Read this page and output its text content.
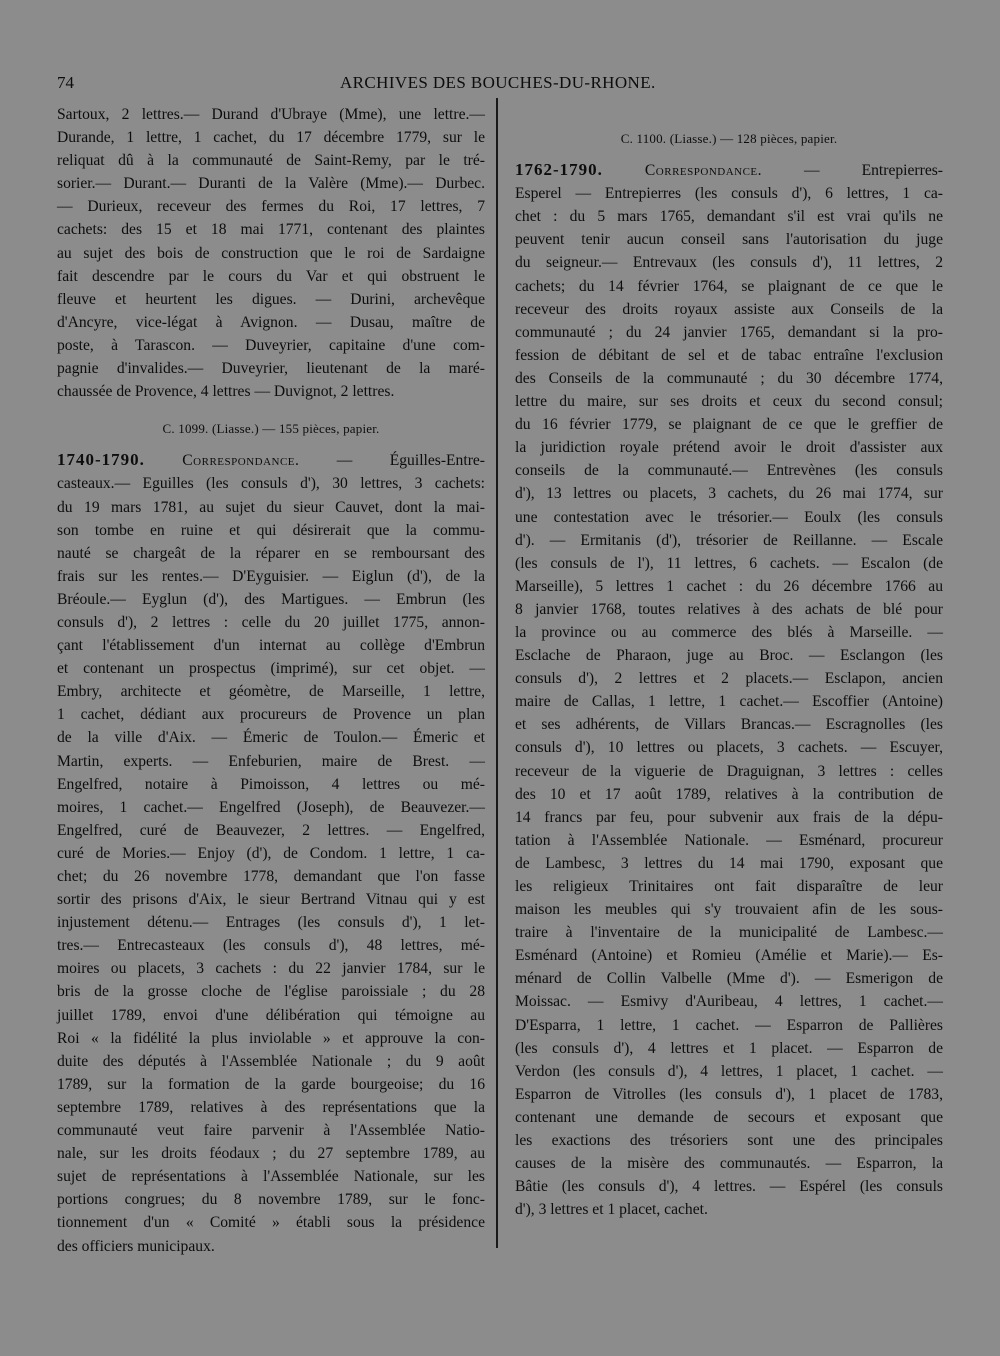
74	ARCHIVES DES BOUCHES-DU-RHONE.
Sartoux, 2 lettres.— Durand d'Ubraye (Mme), une lettre.—
Durande, 1 lettre, 1 cachet, du 17 décembre 1779, sur le
reliquat dû à la communauté de Saint-Remy, par le tré-
sorier.— Durant.— Duranti de la Valère (Mme).— Durbec.
— Durieux, receveur des fermes du Roi, 17 lettres, 7
cachets: des 15 et 18 mai 1771, contenant des plaintes
au sujet des bois de construction que le roi de Sardaigne
fait descendre par le cours du Var et qui obstruent le
fleuve et heurtent les digues. — Durini, archevêque
d'Ancyre, vice-légat à Avignon. — Dusau, maître de
poste, à Tarascon. — Duveyrier, capitaine d'une com-
pagnie d'invalides.— Duveyrier, lieutenant de la maré-
chaussée de Provence, 4 lettres — Duvignot, 2 lettres.
C. 1099. (Liasse.) — 155 pièces, papier.
1740-1790. Correspondance. — Éguilles-Entre-
casteaux.— Eguilles (les consuls d'), 30 lettres, 3 cachets:
du 19 mars 1781, au sujet du sieur Cauvet, dont la mai-
son tombe en ruine et qui désirerait que la commu-
nauté se chargeât de la réparer en se remboursant des
frais sur les rentes.— D'Eyguisier. — Eiglun (d'), de la
Bréoule.— Eyglun (d'), des Martigues. — Embrun (les
consuls d'), 2 lettres : celle du 20 juillet 1775, annon-
çant l'établissement d'un internat au collège d'Embrun
et contenant un prospectus (imprimé), sur cet objet. —
Embry, architecte et géomètre, de Marseille, 1 lettre,
1 cachet, dédiant aux procureurs de Provence un plan
de la ville d'Aix. — Émeric de Toulon.— Émeric et
Martin, experts. — Enfeburien, maire de Brest. —
Engelfred, notaire à Pimoisson, 4 lettres ou mé-
moires, 1 cachet.— Engelfred (Joseph), de Beauvezer.—
Engelfred, curé de Beauvezer, 2 lettres. — Engelfred,
curé de Mories.— Enjoy (d'), de Condom. 1 lettre, 1 ca-
chet; du 26 novembre 1778, demandant que l'on fasse
sortir des prisons d'Aix, le sieur Bertrand Vitnau qui y est
injustement détenu.— Entrages (les consuls d'), 1 let-
tres.— Entrecasteaux (les consuls d'), 48 lettres, mé-
moires ou placets, 3 cachets : du 22 janvier 1784, sur le
bris de la grosse cloche de l'église paroissiale ; du 28
juillet 1789, envoi d'une délibération qui témoigne au
Roi « la fidélité la plus inviolable » et approuve la con-
duite des députés à l'Assemblée Nationale ; du 9 août
1789, sur la formation de la garde bourgeoise; du 16
septembre 1789, relatives à des représentations que la
communauté veut faire parvenir à l'Assemblée Natio-
nale, sur les droits féodaux ; du 27 septembre 1789, au
sujet de représentations à l'Assemblée Nationale, sur les
portions congrues; du 8 novembre 1789, sur le fonc-
tionnement d'un « Comité » établi sous la présidence
des officiers municipaux.
C. 1100. (Liasse.) — 128 pièces, papier.
1762-1790.	Correspondance.	— Entrepierres-
Esperel — Entrepierres (les consuls d'), 6 lettres, 1 ca-
chet : du 5 mars 1765, demandant s'il est vrai qu'ils ne
peuvent tenir aucun conseil sans l'autorisation du juge
du seigneur.— Entrevaux (les consuls d'), 11 lettres, 2
cachets; du 14 février 1764, se plaignant de ce que le
receveur des droits royaux assiste aux Conseils de la
communauté ; du 24 janvier 1765, demandant si la pro-
fession de débitant de sel et de tabac entraîne l'exclusion
des Conseils de la communauté ; du 30 décembre 1774,
lettre du maire, sur ses droits et ceux du second consul;
du 16 février 1779, se plaignant de ce que le greffier de
la juridiction royale prétend avoir le droit d'assister aux
conseils de la communauté.— Entrevènes (les consuls
d'), 13 lettres ou placets, 3 cachets, du 26 mai 1774, sur
une contestation avec le trésorier.— Eoulx (les consuls
d'). — Ermitanis (d'), trésorier de Reillanne. — Escale
(les consuls de l'), 11 lettres, 6 cachets. — Escalon (de
Marseille), 5 lettres 1 cachet : du 26 décembre 1766 au
8 janvier 1768, toutes relatives à des achats de blé pour
la province ou au commerce des blés à Marseille. —
Esclache de Pharaon, juge au Broc. — Esclangon (les
consuls d'), 2 lettres et 2 placets.— Esclapon, ancien
maire de Callas, 1 lettre, 1 cachet.— Escoffier (Antoine)
et ses adhérents, de Villars Brancas.— Escragnolles (les
consuls d'), 10 lettres ou placets, 3 cachets. — Escuyer,
receveur de la viguerie de Draguignan, 3 lettres : celles
des 10 et 17 août 1789, relatives à la contribution de
14 francs par feu, pour subvenir aux frais de la dépu-
tation à l'Assemblée Nationale. — Esménard, procureur
de Lambesc, 3 lettres du 14 mai 1790, exposant que
les religieux Trinitaires ont fait disparaître de leur
maison les meubles qui s'y trouvaient afin de les sous-
traire à l'inventaire de la municipalité de Lambesc.—
Esménard (Antoine) et Romieu (Amélie et Marie).— Es-
ménard de Collin Valbelle (Mme d'). — Esmerigon de
Moissac. — Esmivy d'Auribeau, 4 lettres, 1 cachet.—
D'Esparra, 1 lettre, 1 cachet. — Esparron de Pallières
(les consuls d'), 4 lettres et 1 placet. — Esparron de
Verdon (les consuls d'), 4 lettres, 1 placet, 1 cachet. —
Esparron de Vitrolles (les consuls d'), 1 placet de 1783,
contenant une demande de secours et exposant que
les exactions des trésoriers sont une des principales
causes de la misère des communautés. — Esparron, la
Bâtie (les consuls d'), 4 lettres. — Espérel (les consuls
d'), 3 lettres et 1 placet, cachet.
